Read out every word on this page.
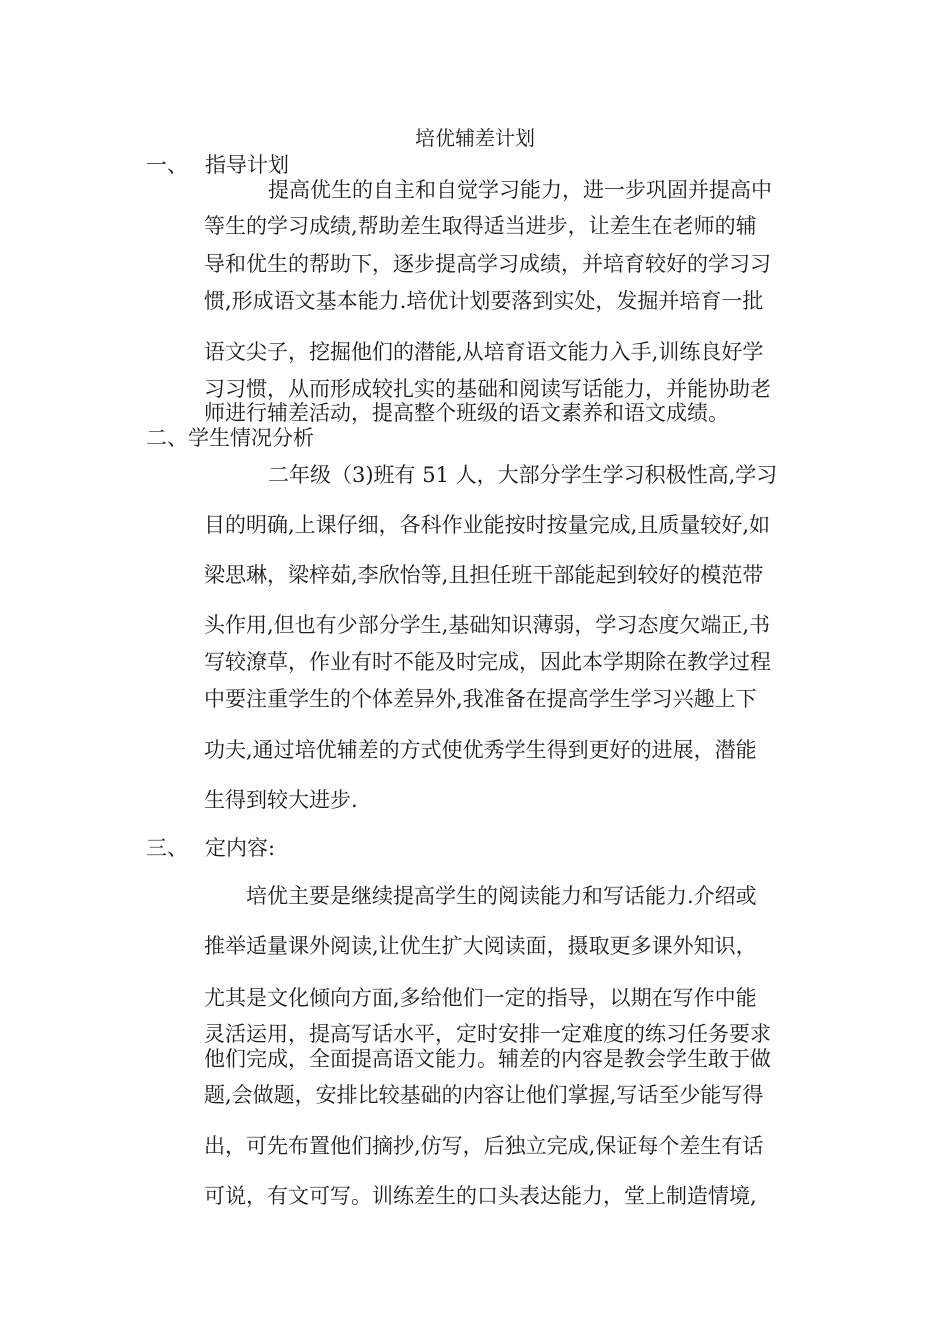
培优辅差计划
一、 指导计划
提高优生的自主和自觉学习能力，进一步巩固并提高中
等生的学习成绩,帮助差生取得适当进步，让差生在老师的辅
导和优生的帮助下，逐步提高学习成绩，并培育较好的学习习
惯,形成语文基本能力.培优计划要落到实处，发掘并培育一批
语文尖子，挖掘他们的潜能,从培育语文能力入手,训练良好学
习习惯，从而形成较扎实的基础和阅读写话能力，并能协助老
师进行辅差活动，提高整个班级的语文素养和语文成绩。
二、学生情况分析
二年级（3)班有 51 人，大部分学生学习积极性高,学习
目的明确,上课仔细，各科作业能按时按量完成,且质量较好,如
梁思琳，梁梓茹,李欣怡等,且担任班干部能起到较好的模范带
头作用,但也有少部分学生,基础知识薄弱，学习态度欠端正,书
写较潦草，作业有时不能及时完成，因此本学期除在教学过程
中要注重学生的个体差异外,我准备在提高学生学习兴趣上下
功夫,通过培优辅差的方式使优秀学生得到更好的进展，潜能
生得到较大进步.
三、 定内容:
培优主要是继续提高学生的阅读能力和写话能力.介绍或
推举适量课外阅读,让优生扩大阅读面，摄取更多课外知识，
尤其是文化倾向方面,多给他们一定的指导，以期在写作中能
灵活运用，提高写话水平，定时安排一定难度的练习任务要求
他们完成，全面提高语文能力。辅差的内容是教会学生敢于做
题,会做题，安排比较基础的内容让他们掌握,写话至少能写得
出，可先布置他们摘抄,仿写，后独立完成,保证每个差生有话
可说，有文可写。训练差生的口头表达能力，堂上制造情境,
